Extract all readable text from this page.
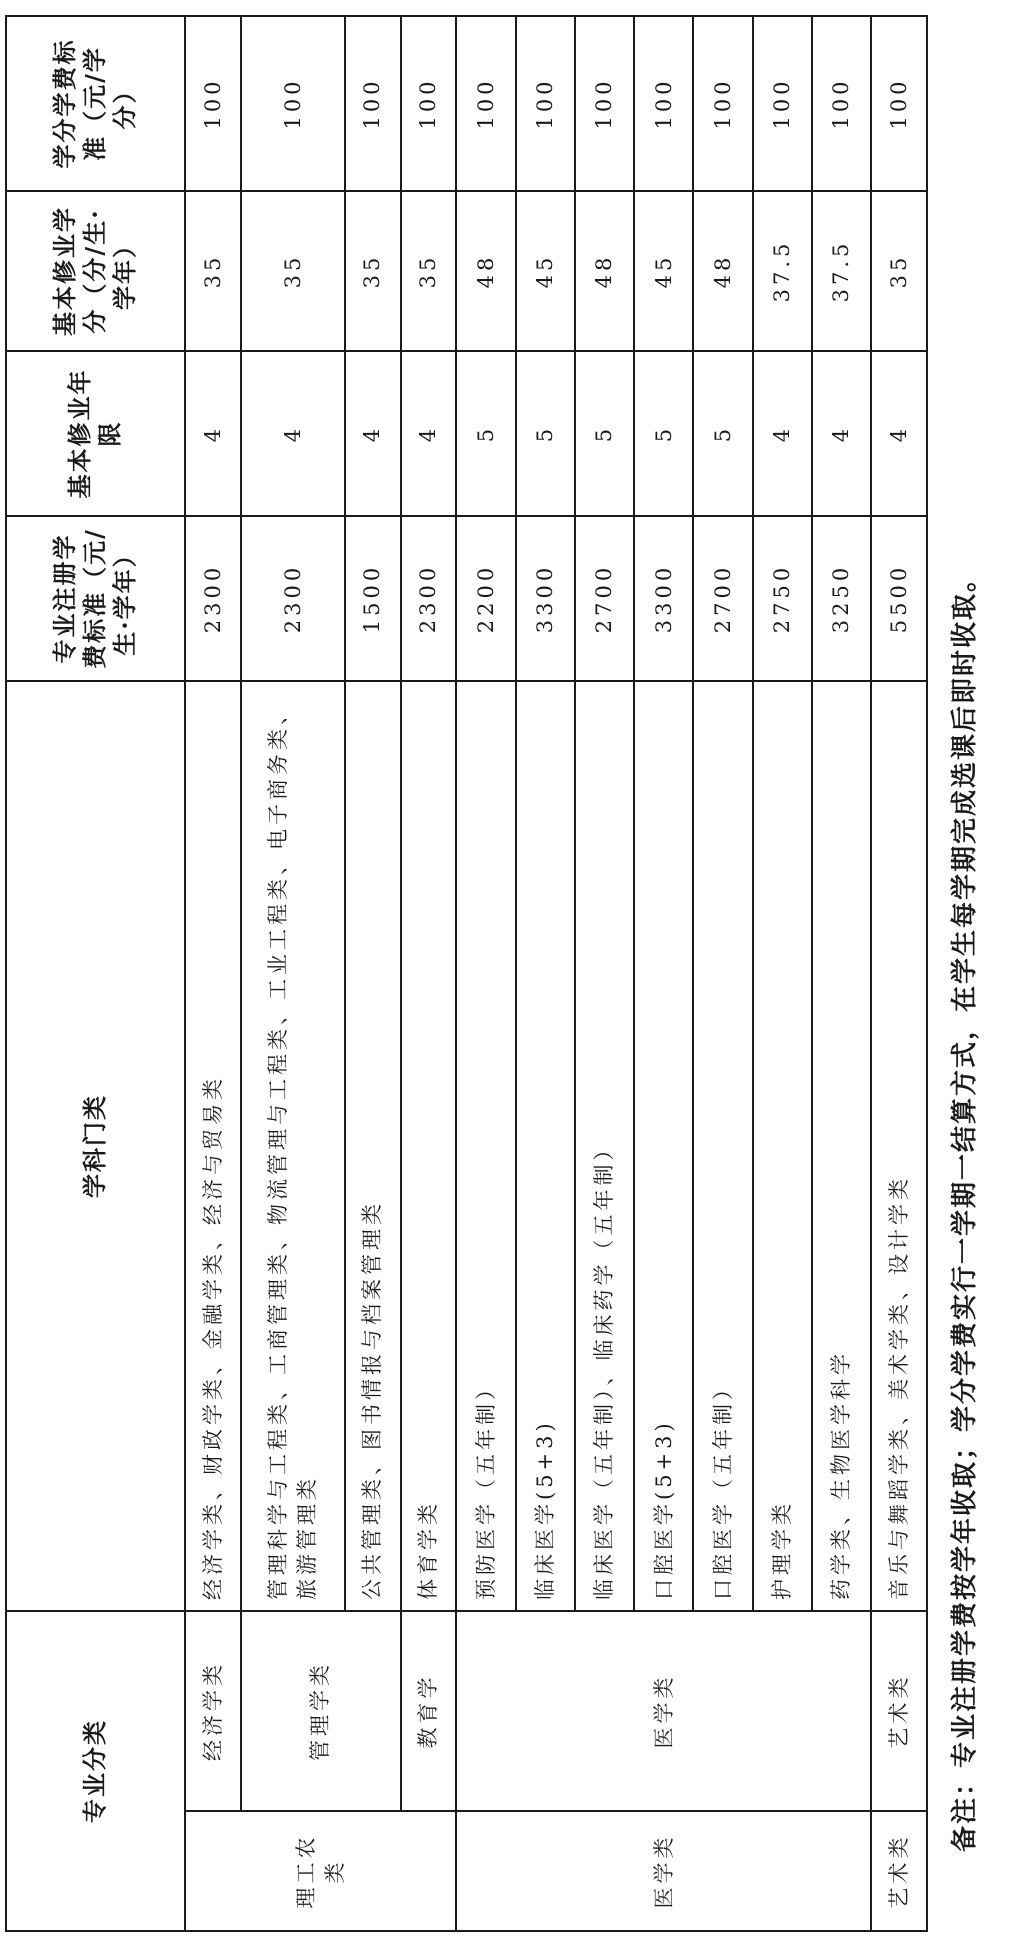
专业分类		学科门类	专业注册学费标准（元/生·学年）	基本修业年限	基本修业学分（分/生·学年）	学分学费标准（元/学分）
理工农类	经济学类	经济学类、财政学类、金融学类、经济与贸易类	2300	4	35	100
	管理学类	管理科学与工程类、工商管理类、物流管理与工程类、工业工程类、电子商务类、旅游管理类	2300	4	35	100
		公共管理类、图书情报与档案管理类	1500	4	35	100
	教育学	体育学类	2300	4	35	100
医学类	医学类	预防医学（五年制）	2200	5	48	100
		临床医学(5+3)	3300	5	45	100
		临床医学（五年制）、临床药学（五年制）	2700	5	48	100
		口腔医学(5+3)	3300	5	45	100
		口腔医学（五年制）	2700	5	48	100
		护理学类	2750	4	37.5	100
		药学类、生物医学科学	3250	4	37.5	100
艺术类	艺术类	音乐与舞蹈学类、美术学类、设计学类	5500	4	35	100
备注：专业注册学费按学年收取；学分学费实行一学期一结算方式，在学生每学期完成选课后即时收取。
